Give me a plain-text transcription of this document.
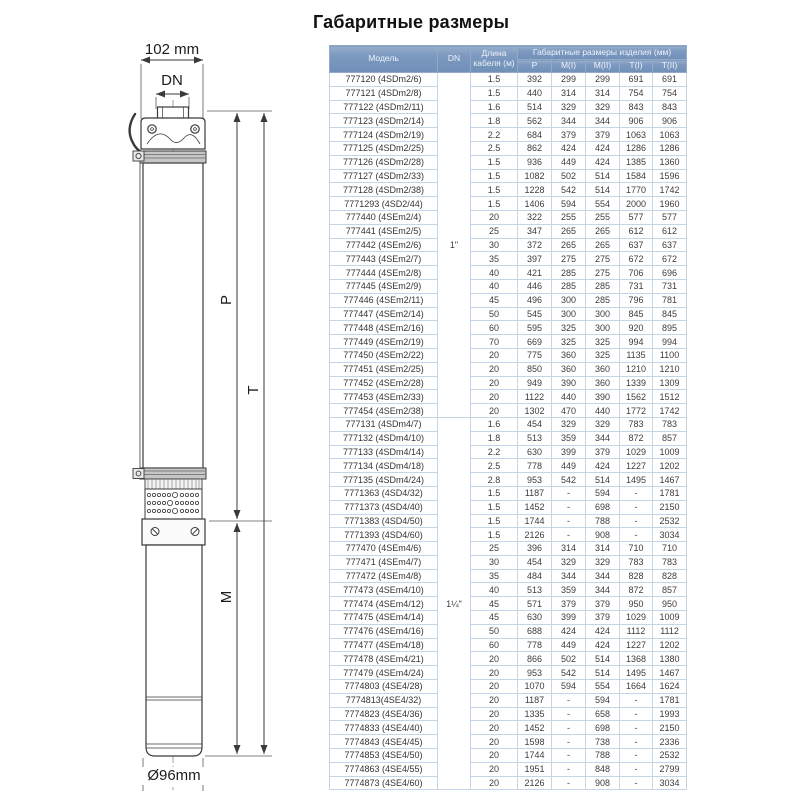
102 mm
DN
P
T
M
Ø96mm
Габаритные размеры
Модель	DN	Длина кабеля (м)	Габаритные размеры изделия (мм)				
			P	M(I)	M(II)	T(I)	T(II)
777120 (4SDm2/6)	1"	1.5	392	299	299	691	691
777121 (4SDm2/8)		1.5	440	314	314	754	754
777122 (4SDm2/11)		1.6	514	329	329	843	843
777123 (4SDm2/14)		1.8	562	344	344	906	906
777124 (4SDm2/19)		2.2	684	379	379	1063	1063
777125 (4SDm2/25)		2.5	862	424	424	1286	1286
777126 (4SDm2/28)		1.5	936	449	424	1385	1360
777127 (4SDm2/33)		1.5	1082	502	514	1584	1596
777128 (4SDm2/38)		1.5	1228	542	514	1770	1742
7771293 (4SD2/44)		1.5	1406	594	554	2000	1960
777440 (4SEm2/4)		20	322	255	255	577	577
777441 (4SEm2/5)		25	347	265	265	612	612
777442 (4SEm2/6)		30	372	265	265	637	637
777443 (4SEm2/7)		35	397	275	275	672	672
777444 (4SEm2/8)		40	421	285	275	706	696
777445 (4SEm2/9)		40	446	285	285	731	731
777446 (4SEm2/11)		45	496	300	285	796	781
777447 (4SEm2/14)		50	545	300	300	845	845
777448 (4SEm2/16)		60	595	325	300	920	895
777449 (4SEm2/19)		70	669	325	325	994	994
777450 (4SEm2/22)		20	775	360	325	1135	1100
777451 (4SEm2/25)		20	850	360	360	1210	1210
777452 (4SEm2/28)		20	949	390	360	1339	1309
777453 (4SEm2/33)		20	1122	440	390	1562	1512
777454 (4SEm2/38)		20	1302	470	440	1772	1742
777131 (4SDm4/7)	1¼"	1.6	454	329	329	783	783
777132 (4SDm4/10)		1.8	513	359	344	872	857
777133 (4SDm4/14)		2.2	630	399	379	1029	1009
777134 (4SDm4/18)		2.5	778	449	424	1227	1202
777135 (4SDm4/24)		2.8	953	542	514	1495	1467
7771363 (4SD4/32)		1.5	1187	-	594	-	1781
7771373 (4SD4/40)		1.5	1452	-	698	-	2150
7771383 (4SD4/50)		1.5	1744	-	788	-	2532
7771393 (4SD4/60)		1.5	2126	-	908	-	3034
777470 (4SEm4/6)		25	396	314	314	710	710
777471 (4SEm4/7)		30	454	329	329	783	783
777472 (4SEm4/8)		35	484	344	344	828	828
777473 (4SEm4/10)		40	513	359	344	872	857
777474 (4SEm4/12)		45	571	379	379	950	950
777475 (4SEm4/14)		45	630	399	379	1029	1009
777476 (4SEm4/16)		50	688	424	424	1112	1112
777477 (4SEm4/18)		60	778	449	424	1227	1202
777478 (4SEm4/21)		20	866	502	514	1368	1380
777479 (4SEm4/24)		20	953	542	514	1495	1467
7774803 (4SE4/28)		20	1070	594	554	1664	1624
7774813(4SE4/32)		20	1187	-	594	-	1781
7774823 (4SE4/36)		20	1335	-	658	-	1993
7774833 (4SE4/40)		20	1452	-	698	-	2150
7774843 (4SE4/45)		20	1598	-	738	-	2336
7774853 (4SE4/50)		20	1744	-	788	-	2532
7774863 (4SE4/55)		20	1951	-	848	-	2799
7774873 (4SE4/60)		20	2126	-	908	-	3034
